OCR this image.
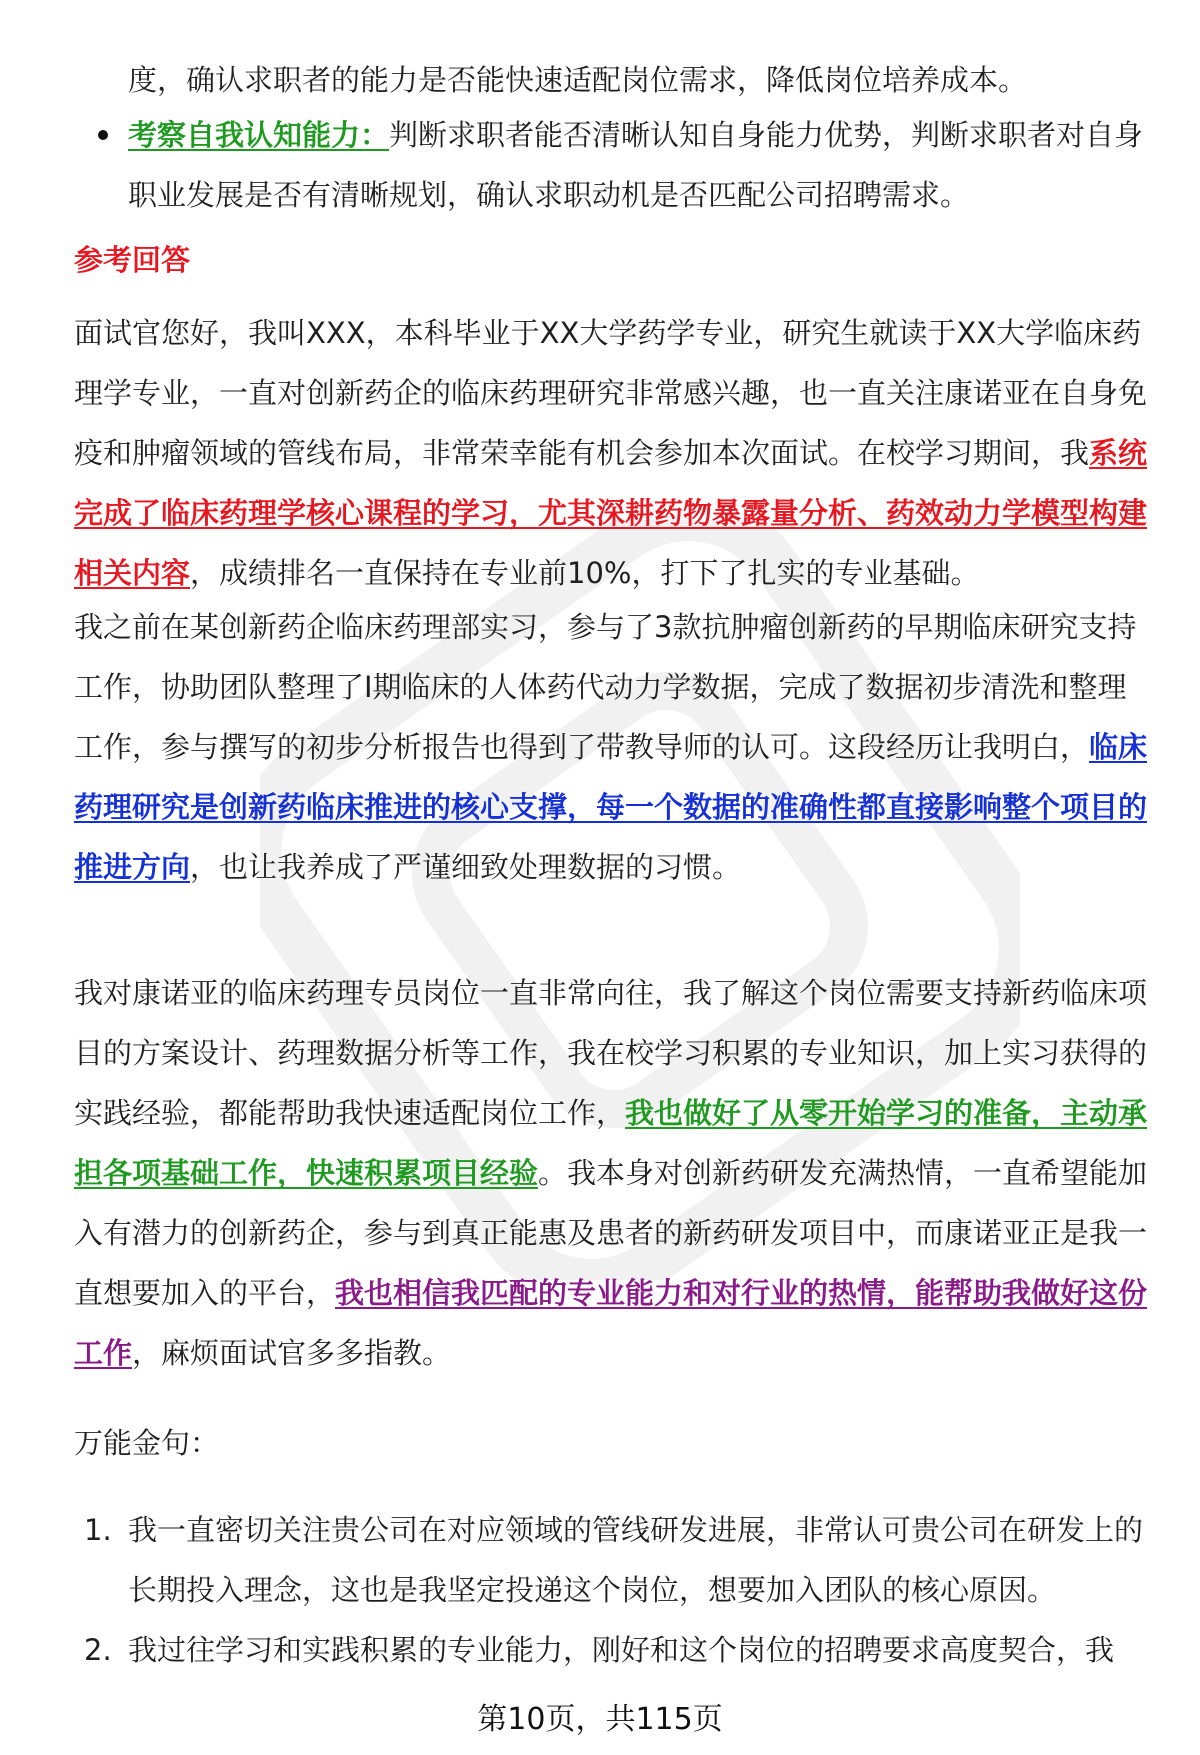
度，确认求职者的能力是否能快速适配岗位需求，降低岗位培养成本。

考察自我认知能力：判断求职者能否清晰认知自身能力优势，判断求职者对自身职业发展是否有清晰规划，确认求职动机是否匹配公司招聘需求。

参考回答

面试官您好，我叫XXX，本科毕业于XX大学药学专业，研究生就读于XX大学临床药理学专业，一直对创新药企的临床药理研究非常感兴趣，也一直关注康诺亚在自身免疫和肿瘤领域的管线布局，非常荣幸能有机会参加本次面试。在校学习期间，我系统完成了临床药理学核心课程的学习，尤其深耕药物暴露量分析、药效动力学模型构建相关内容，成绩排名一直保持在专业前10%，打下了扎实的专业基础。

我之前在某创新药企临床药理部实习，参与了3款抗肿瘤创新药的早期临床研究支持工作，协助团队整理了I期临床的人体药代动力学数据，完成了数据初步清洗和整理工作，参与撰写的初步分析报告也得到了带教导师的认可。这段经历让我明白，临床药理研究是创新药临床推进的核心支撑，每一个数据的准确性都直接影响整个项目的推进方向，也让我养成了严谨细致处理数据的习惯。

我对康诺亚的临床药理专员岗位一直非常向往，我了解这个岗位需要支持新药临床项目的方案设计、药理数据分析等工作，我在校学习积累的专业知识，加上实习获得的实践经验，都能帮助我快速适配岗位工作，我也做好了从零开始学习的准备，主动承担各项基础工作，快速积累项目经验。我本身对创新药研发充满热情，一直希望能加入有潜力的创新药企，参与到真正能惠及患者的新药研发项目中，而康诺亚正是我一直想要加入的平台，我也相信我匹配的专业能力和对行业的热情，能帮助我做好这份工作，麻烦面试官多多指教。

万能金句：

1. 我一直密切关注贵公司在对应领域的管线研发进展，非常认可贵公司在研发上的长期投入理念，这也是我坚定投递这个岗位，想要加入团队的核心原因。

2. 我过往学习和实践积累的专业能力，刚好和这个岗位的招聘要求高度契合，我

第10页，共115页
